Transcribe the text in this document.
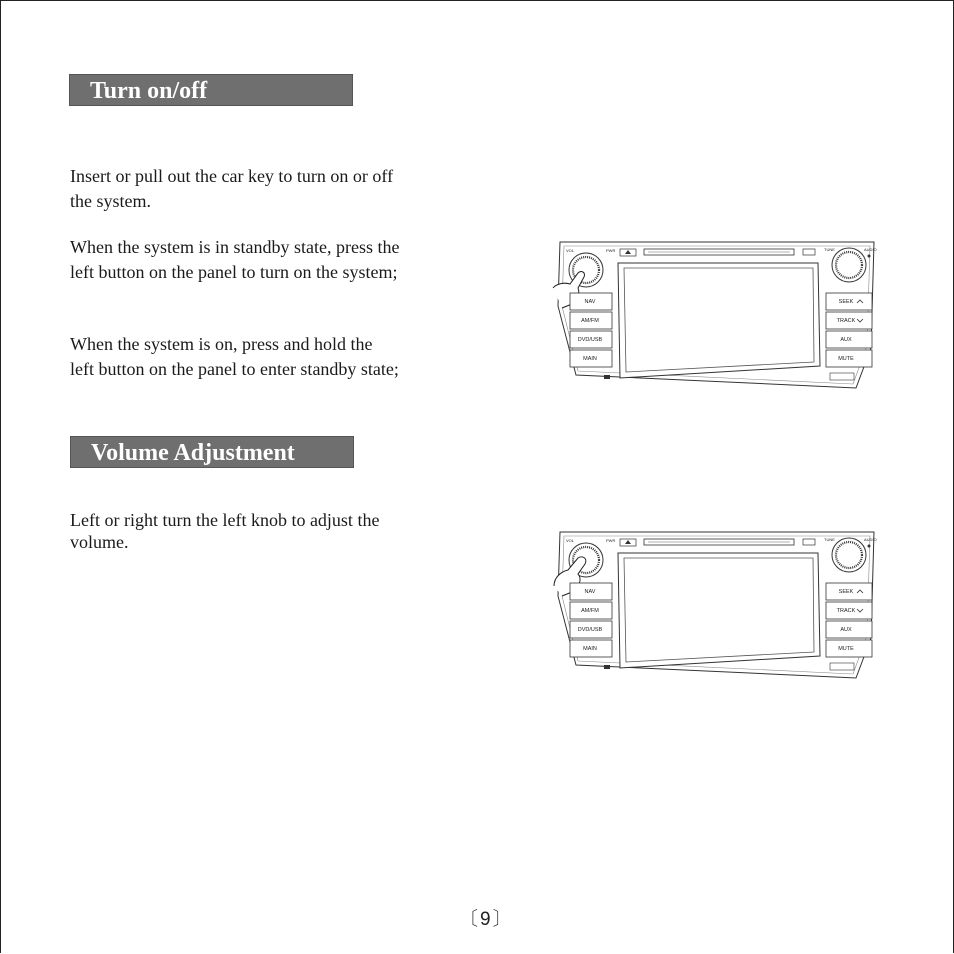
Turn on/off

Insert or pull out the car key to turn on or off
the system.

When the system is in standby state, press the
left button on the panel to turn on the system;

When the system is on, press and hold the
left button on the panel to enter standby state;

Volume Adjustment

Left or right turn the left knob to adjust the
volume.

VOL	PWR	TUNE	AUDIO
NAV
AM/FM
DVD/USB
MAIN
SEEK
TRACK
AUX
MUTE
VOL	PWR	TUNE	AUDIO
NAV
AM/FM
DVD/USB
MAIN
SEEK
TRACK
AUX
MUTE
〔9〕
